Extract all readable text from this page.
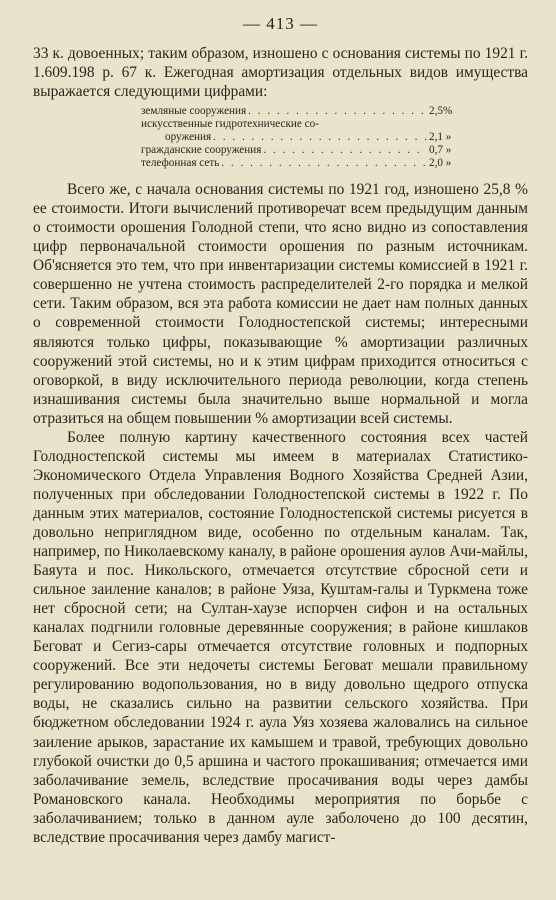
— 413 —

33 к. довоенных; таким образом, изношено с основания системы по 1921 г. 1.609.198 р. 67 к. Ежегодная амортизация отдельных видов имущества выражается следующими цифрами:

земляные сооружения . . .	2,5%
искусственные гидротехнические со-
оружения . . .	2,1 »
гражданские сооружения . . .	0,7 »
телефонная сеть . . .	2,0 »

Всего же, с начала основания системы по 1921 год, изношено 25,8 % ее стоимости. Итоги вычислений противоречат всем предыдущим данным о стоимости орошения Голодной степи, что ясно видно из сопоставления цифр первоначальной стоимости орошения по разным источникам. Об'ясняется это тем, что при инвентаризации системы комиссией в 1921 г. совершенно не учтена стоимость распределителей 2-го порядка и мелкой сети. Таким образом, вся эта работа комиссии не дает нам полных данных о современной стоимости Голодностепской системы; интересными являются только цифры, показывающие % амортизации различных сооружений этой системы, но и к этим цифрам приходится относиться с оговоркой, в виду исключительного периода революции, когда степень изнашивания системы была значительно выше нормальной и могла отразиться на общем повышении % амортизации всей системы.

Более полную картину качественного состояния всех частей Голодностепской системы мы имеем в материалах Статистико-Экономического Отдела Управления Водного Хозяйства Средней Азии, полученных при обследовании Голодностепской системы в 1922 г. По данным этих материалов, состояние Голодностепской системы рисуется в довольно неприглядном виде, особенно по отдельным каналам. Так, например, по Николаевскому каналу, в районе орошения аулов Ачи-майлы, Баяута и пос. Никольского, отмечается отсутствие сбросной сети и сильное заиление каналов; в районе Уяза, Куштам-галы и Туркмена тоже нет сбросной сети; на Султан-хаузе испорчен сифон и на остальных каналах подгнили головные деревянные сооружения; в районе кишлаков Беговат и Сегиз-сары отмечается отсутствие головных и подпорных сооружений. Все эти недочеты системы Беговат мешали правильному регулированию водопользования, но в виду довольно щедрого отпуска воды, не сказались сильно на развитии сельского хозяйства. При бюджетном обследовании 1924 г. аула Уяз хозяева жаловались на сильное заиление арыков, зарастание их камышем и травой, требующих довольно глубокой очистки до 0,5 аршина и частого прокашивания; отмечается ими заболачивание земель, вследствие просачивания воды через дамбы Романовского канала. Необходимы мероприятия по борьбе с заболачиванием; только в данном ауле заболочено до 100 десятин, вследствие просачивания через дамбу магист-
